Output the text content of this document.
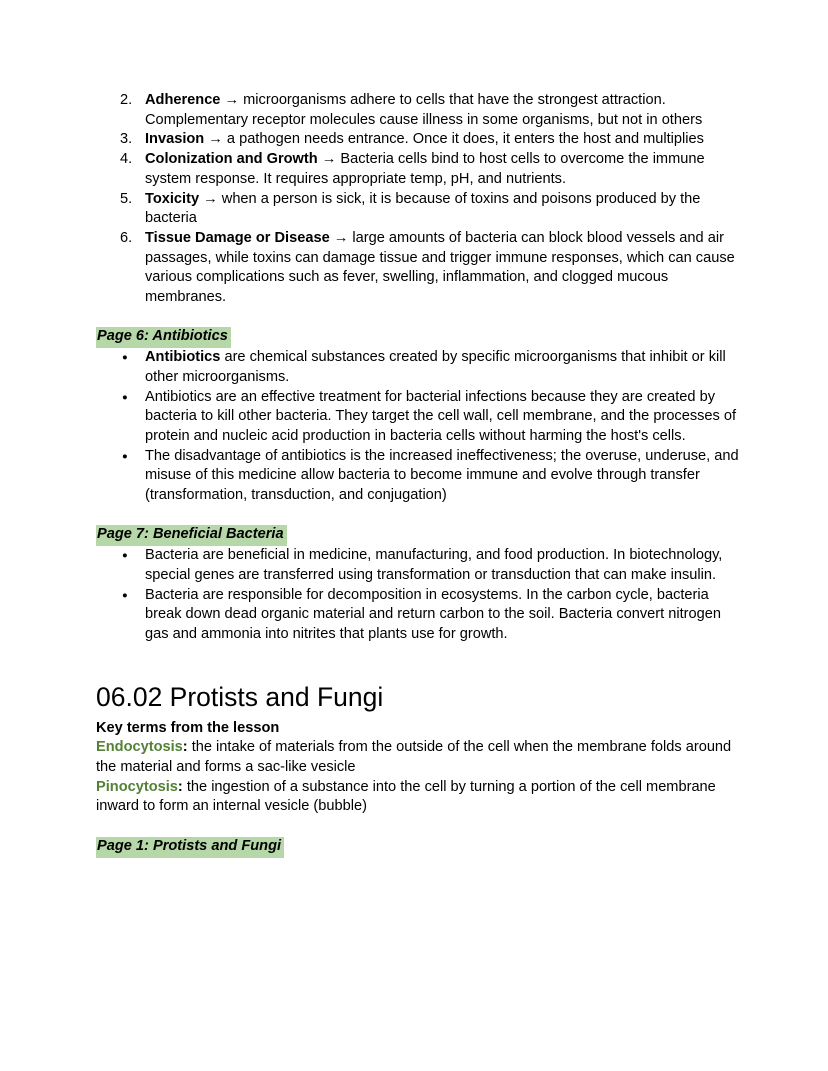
2. Adherence → microorganisms adhere to cells that have the strongest attraction. Complementary receptor molecules cause illness in some organisms, but not in others
3. Invasion → a pathogen needs entrance. Once it does, it enters the host and multiplies
4. Colonization and Growth → Bacteria cells bind to host cells to overcome the immune system response. It requires appropriate temp, pH, and nutrients.
5. Toxicity → when a person is sick, it is because of toxins and poisons produced by the bacteria
6. Tissue Damage or Disease → large amounts of bacteria can block blood vessels and air passages, while toxins can damage tissue and trigger immune responses, which can cause various complications such as fever, swelling, inflammation, and clogged mucous membranes.
Page 6: Antibiotics
●	Antibiotics are chemical substances created by specific microorganisms that inhibit or kill other microorganisms.
●	Antibiotics are an effective treatment for bacterial infections because they are created by bacteria to kill other bacteria. They target the cell wall, cell membrane, and the processes of protein and nucleic acid production in bacteria cells without harming the host's cells.
●	The disadvantage of antibiotics is the increased ineffectiveness; the overuse, underuse, and misuse of this medicine allow bacteria to become immune and evolve through transfer (transformation, transduction, and conjugation)
Page 7: Beneficial Bacteria
●	Bacteria are beneficial in medicine, manufacturing, and food production. In biotechnology, special genes are transferred using transformation or transduction that can make insulin.
●	Bacteria are responsible for decomposition in ecosystems. In the carbon cycle, bacteria break down dead organic material and return carbon to the soil. Bacteria convert nitrogen gas and ammonia into nitrites that plants use for growth.
06.02 Protists and Fungi
Key terms from the lesson
Endocytosis: the intake of materials from the outside of the cell when the membrane folds around the material and forms a sac-like vesicle
Pinocytosis: the ingestion of a substance into the cell by turning a portion of the cell membrane inward to form an internal vesicle (bubble)
Page 1: Protists and Fungi
